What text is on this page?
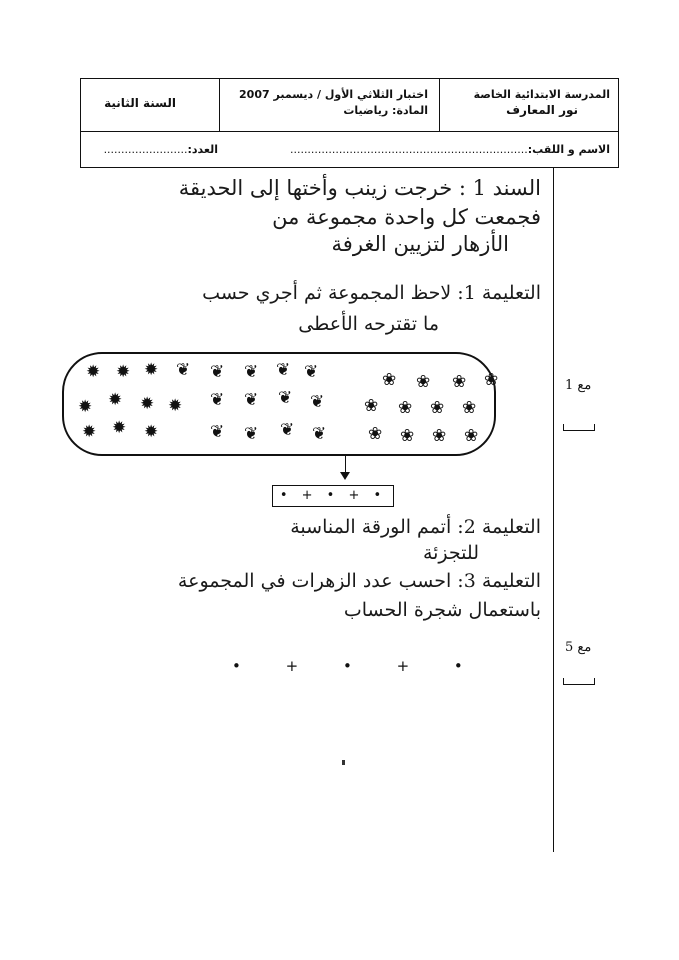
المدرسة الابتدائية الخاصة
نور المعارف
اختبار الثلاثي الأول / ديسمبر 2007
المادة: رياضيات
السنة الثانية
الاسم و اللقب:....................................................................
العدد:........................
السند 1 : خرجت زينب وأختها إلى الحديقة
فجمعت كل واحدة مجموعة من
الأزهار لتزيين الغرفة
التعليمة 1: لاحظ المجموعة ثم أجري حسب
ما تقترحه الأعطى
✹ ✹ ✹
✹ ✹ ✹ ✹
✹ ✹ ✹
❦ ❦ ❦ ❦ ❦
❦ ❦ ❦ ❦
❦ ❦ ❦ ❦
❀ ❀ ❀ ❀
❀ ❀ ❀ ❀
❀ ❀ ❀ ❀
• + • + •
التعليمة 2: أتمم الورقة المناسبة
للتجزئة
التعليمة 3: احسب عدد الزهرات في المجموعة
باستعمال شجرة الحساب
• + • + •
مع 1
مع 5
